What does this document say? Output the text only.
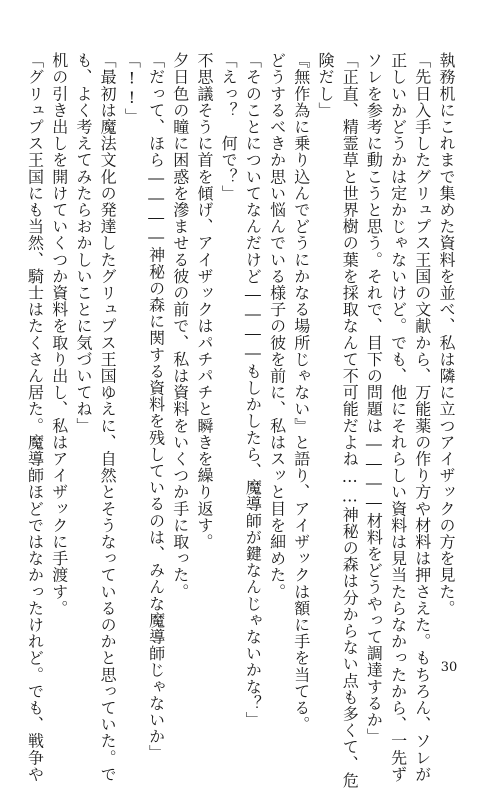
執務机にこれまで集めた資料を並べ、私は隣に立つアイザックの方を見た。
「先日入手したグリュプス王国の文献から、万能薬の作り方や材料は押さえた。もちろん、ソレが
正しいかどうかは定かじゃないけど。でも、他にそれらしい資料は見当たらなかったから、一先ず
ソレを参考に動こうと思う。それで、目下の問題は――――材料をどうやって調達するか」
「正直、精霊草と世界樹の葉を採取なんて不可能だよね……神秘の森は分からない点も多くて、危
険だし」
『無作為に乗り込んでどうにかなる場所じゃない』と語り、アイザックは額に手を当てる。
どうするべきか思い悩んでいる様子の彼を前に、私はスッと目を細めた。
「そのことについてなんだけど――――もしかしたら、魔導師が鍵なんじゃないかな？」
「えっ？　何で？」
不思議そうに首を傾げ、アイザックはパチパチと瞬きを繰り返す。
夕日色の瞳に困惑を滲ませる彼の前で、私は資料をいくつか手に取った。
「だって、ほら――――神秘の森に関する資料を残しているのは、みんな魔導師じゃないか」
「!!」
「最初は魔法文化の発達したグリュプス王国ゆえに、自然とそうなっているのかと思っていた。で
も、よく考えてみたらおかしいことに気づいてね」
机の引き出しを開けていくつか資料を取り出し、私はアイザックに手渡す。
「グリュプス王国にも当然、騎士はたくさん居た。魔導師ほどではなかったけれど。でも、戦争や	30
